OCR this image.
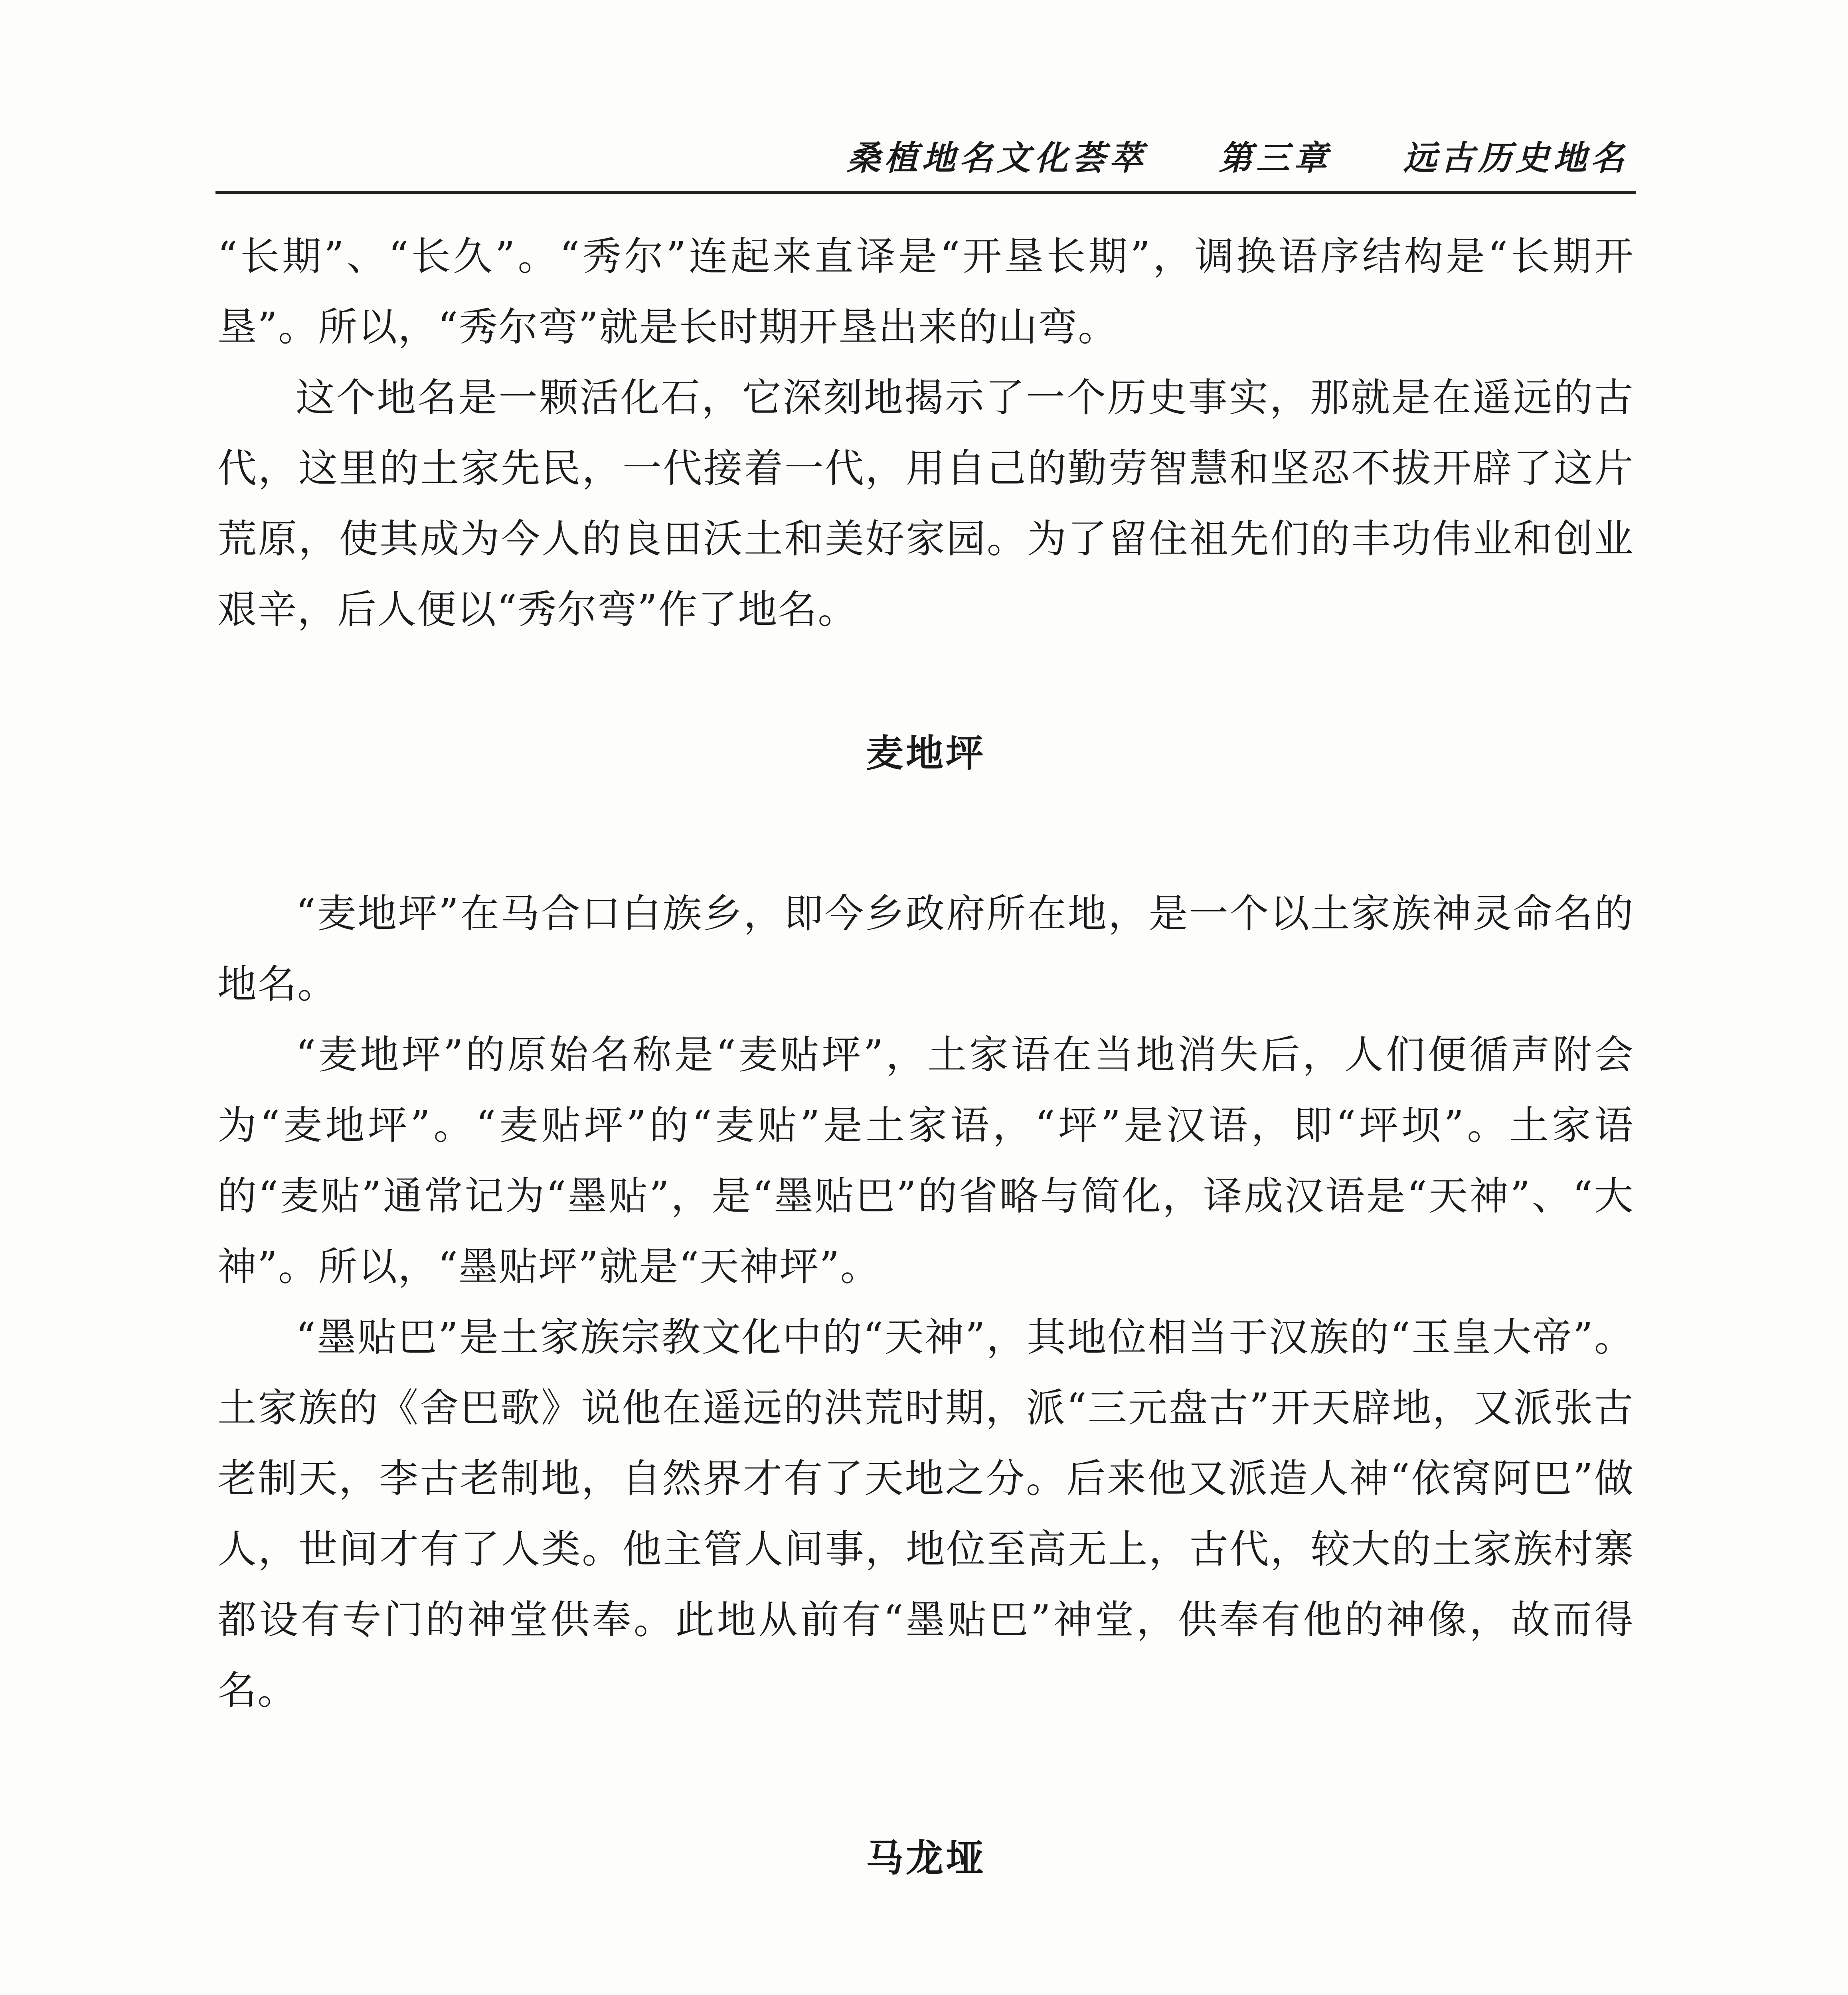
桑植地名文化荟萃 第三章 远古历史地名

“长期”、“长久”。“秀尔”连起来直译是“开垦长期”，调换语序结构是“长期开垦”。所以，“秀尔弯”就是长时期开垦出来的山弯。

这个地名是一颗活化石，它深刻地揭示了一个历史事实，那就是在遥远的古代，这里的土家先民，一代接着一代，用自己的勤劳智慧和坚忍不拔开辟了这片荒原，使其成为今人的良田沃土和美好家园。为了留住祖先们的丰功伟业和创业艰辛，后人便以“秀尔弯”作了地名。

麦地坪

“麦地坪”在马合口白族乡，即今乡政府所在地，是一个以土家族神灵命名的地名。

“麦地坪”的原始名称是“麦贴坪”，土家语在当地消失后，人们便循声附会为“麦地坪”。“麦贴坪”的“麦贴”是土家语，“坪”是汉语，即“坪坝”。土家语的“麦贴”通常记为“墨贴”，是“墨贴巴”的省略与简化，译成汉语是“天神”、“大神”。所以，“墨贴坪”就是“天神坪”。

“墨贴巴”是土家族宗教文化中的“天神”，其地位相当于汉族的“玉皇大帝”。土家族的《舍巴歌》说他在遥远的洪荒时期，派“三元盘古”开天辟地，又派张古老制天，李古老制地，自然界才有了天地之分。后来他又派造人神“依窝阿巴”做人，世间才有了人类。他主管人间事，地位至高无上，古代，较大的土家族村寨都设有专门的神堂供奉。此地从前有“墨贴巴”神堂，供奉有他的神像，故而得名。

马龙垭
